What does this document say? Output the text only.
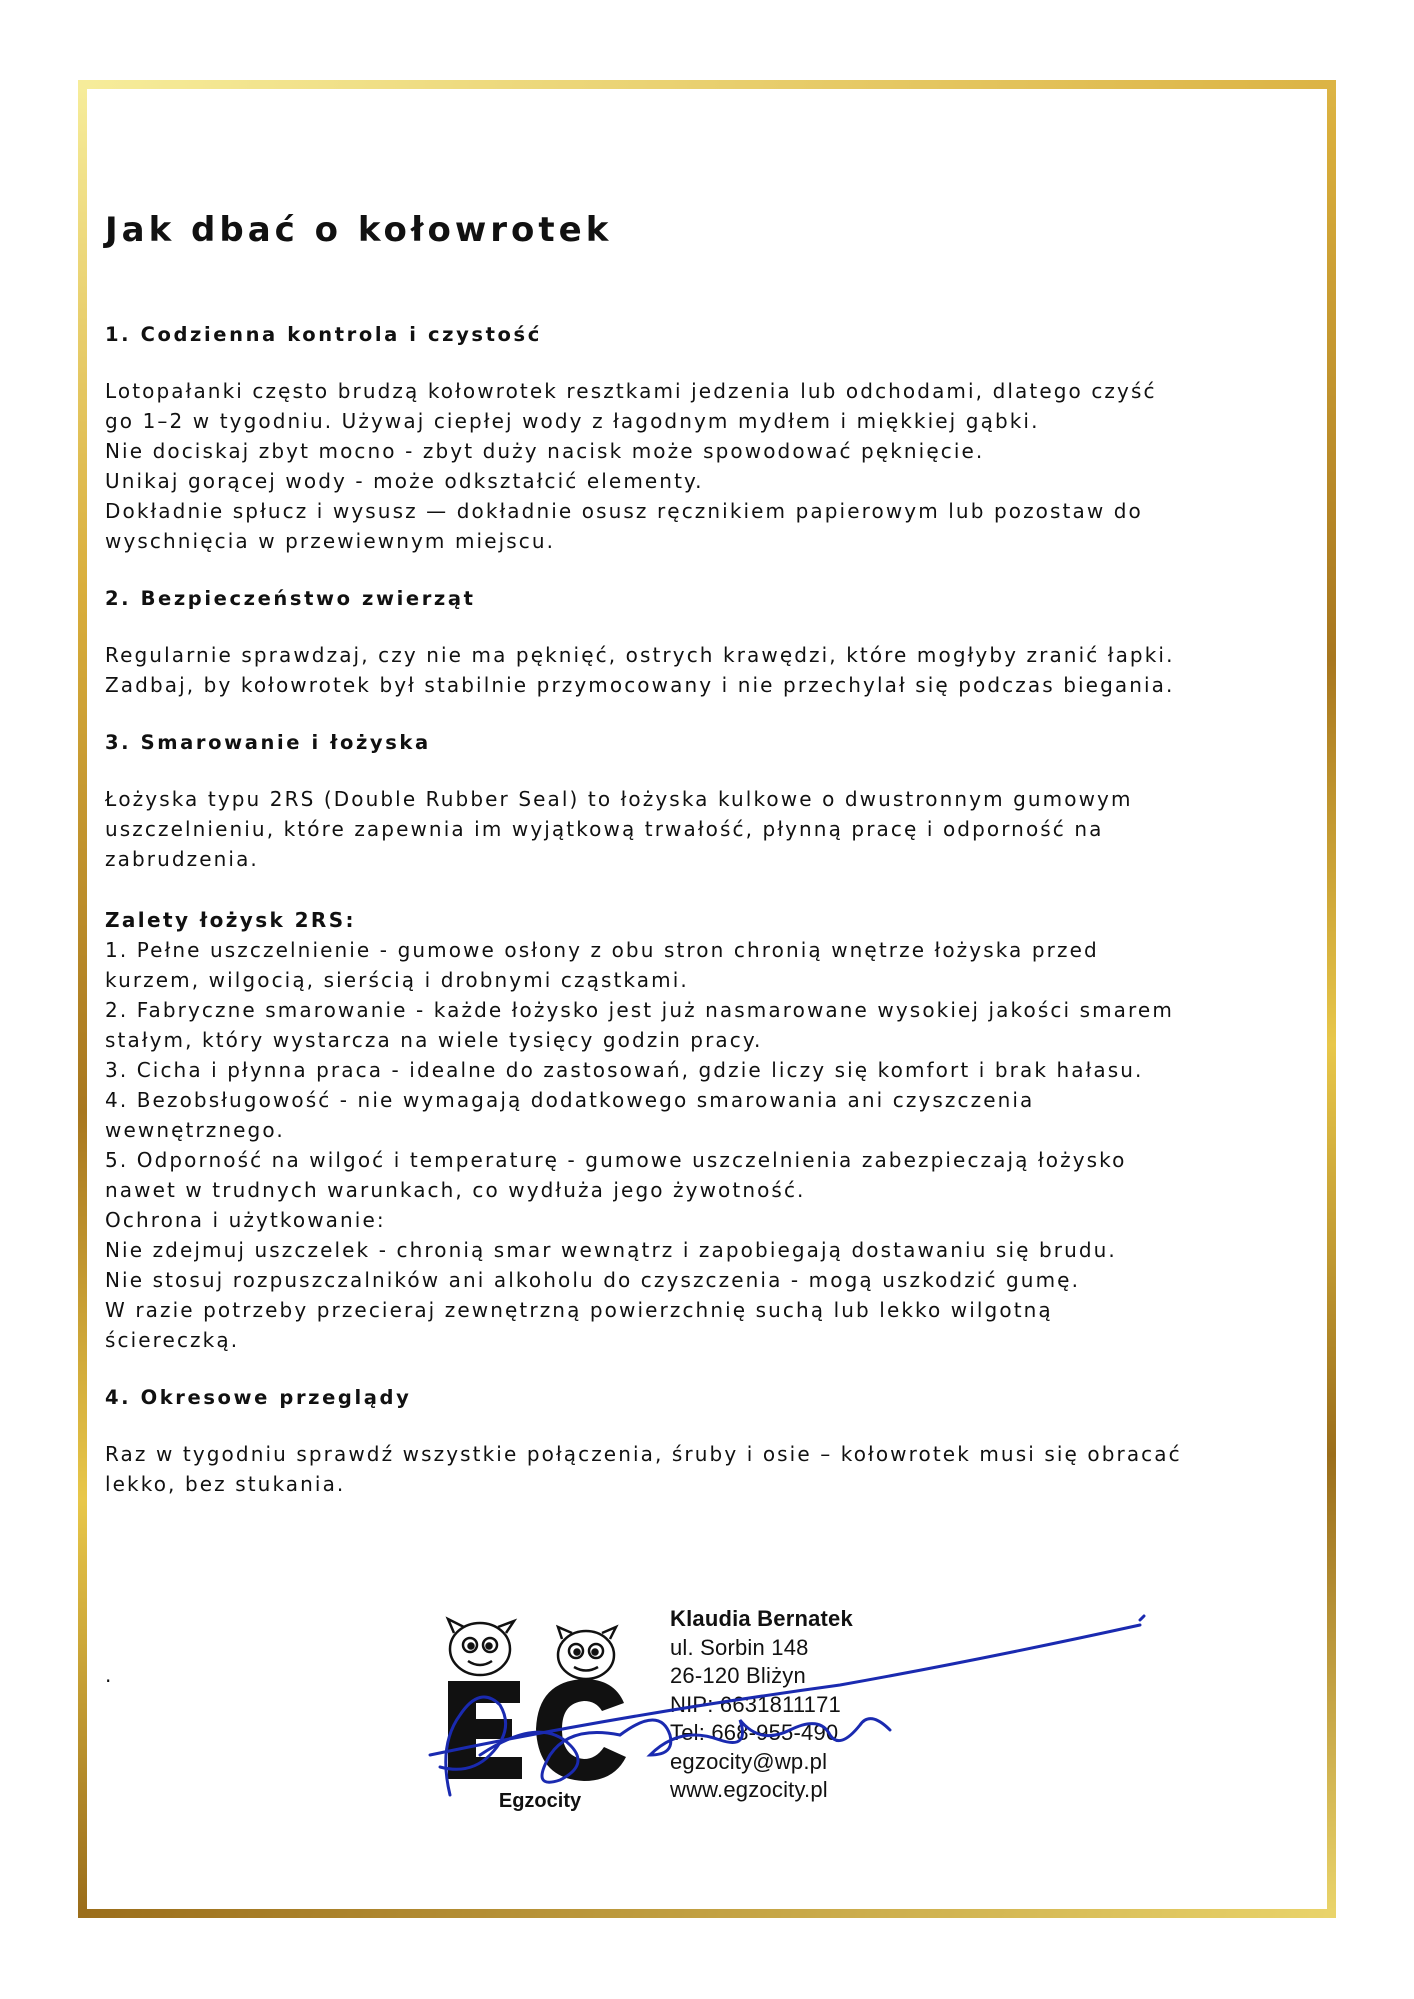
Jak dbać o kołowrotek

1. Codzienna kontrola i czystość

Lotopałanki często brudzą kołowrotek resztkami jedzenia lub odchodami, dlatego czyść

go 1–2 w tygodniu. Używaj ciepłej wody z łagodnym mydłem i miękkiej gąbki.

Nie dociskaj zbyt mocno - zbyt duży nacisk może spowodować pęknięcie.

Unikaj gorącej wody - może odkształcić elementy.

Dokładnie spłucz i wysusz — dokładnie osusz ręcznikiem papierowym lub pozostaw do

wyschnięcia w przewiewnym miejscu.

2. Bezpieczeństwo zwierząt

Regularnie sprawdzaj, czy nie ma pęknięć, ostrych krawędzi, które mogłyby zranić łapki.

Zadbaj, by kołowrotek był stabilnie przymocowany i nie przechylał się podczas biegania.

3. Smarowanie i łożyska

Łożyska typu 2RS (Double Rubber Seal) to łożyska kulkowe o dwustronnym gumowym

uszczelnieniu, które zapewnia im wyjątkową trwałość, płynną pracę i odporność na

zabrudzenia.

Zalety łożysk 2RS:

1. Pełne uszczelnienie - gumowe osłony z obu stron chronią wnętrze łożyska przed

kurzem, wilgocią, sierścią i drobnymi cząstkami.

2. Fabryczne smarowanie - każde łożysko jest już nasmarowane wysokiej jakości smarem

stałym, który wystarcza na wiele tysięcy godzin pracy.

3. Cicha i płynna praca - idealne do zastosowań, gdzie liczy się komfort i brak hałasu.

4. Bezobsługowość - nie wymagają dodatkowego smarowania ani czyszczenia

wewnętrznego.

5. Odporność na wilgoć i temperaturę - gumowe uszczelnienia zabezpieczają łożysko

nawet w trudnych warunkach, co wydłuża jego żywotność.

Ochrona i użytkowanie:

Nie zdejmuj uszczelek - chronią smar wewnątrz i zapobiegają dostawaniu się brudu.

Nie stosuj rozpuszczalników ani alkoholu do czyszczenia - mogą uszkodzić gumę.

W razie potrzeby przecieraj zewnętrzną powierzchnię suchą lub lekko wilgotną

ściereczką.

4. Okresowe przeglądy

Raz w tygodniu sprawdź wszystkie połączenia, śruby i osie – kołowrotek musi się obracać

lekko, bez stukania.

.
Egzocity
Klaudia Bernatek
ul. Sorbin 148
26-120 Bliżyn
NIP: 6631811171
Tel: 668-955-490
egzocity@wp.pl
www.egzocity.pl
